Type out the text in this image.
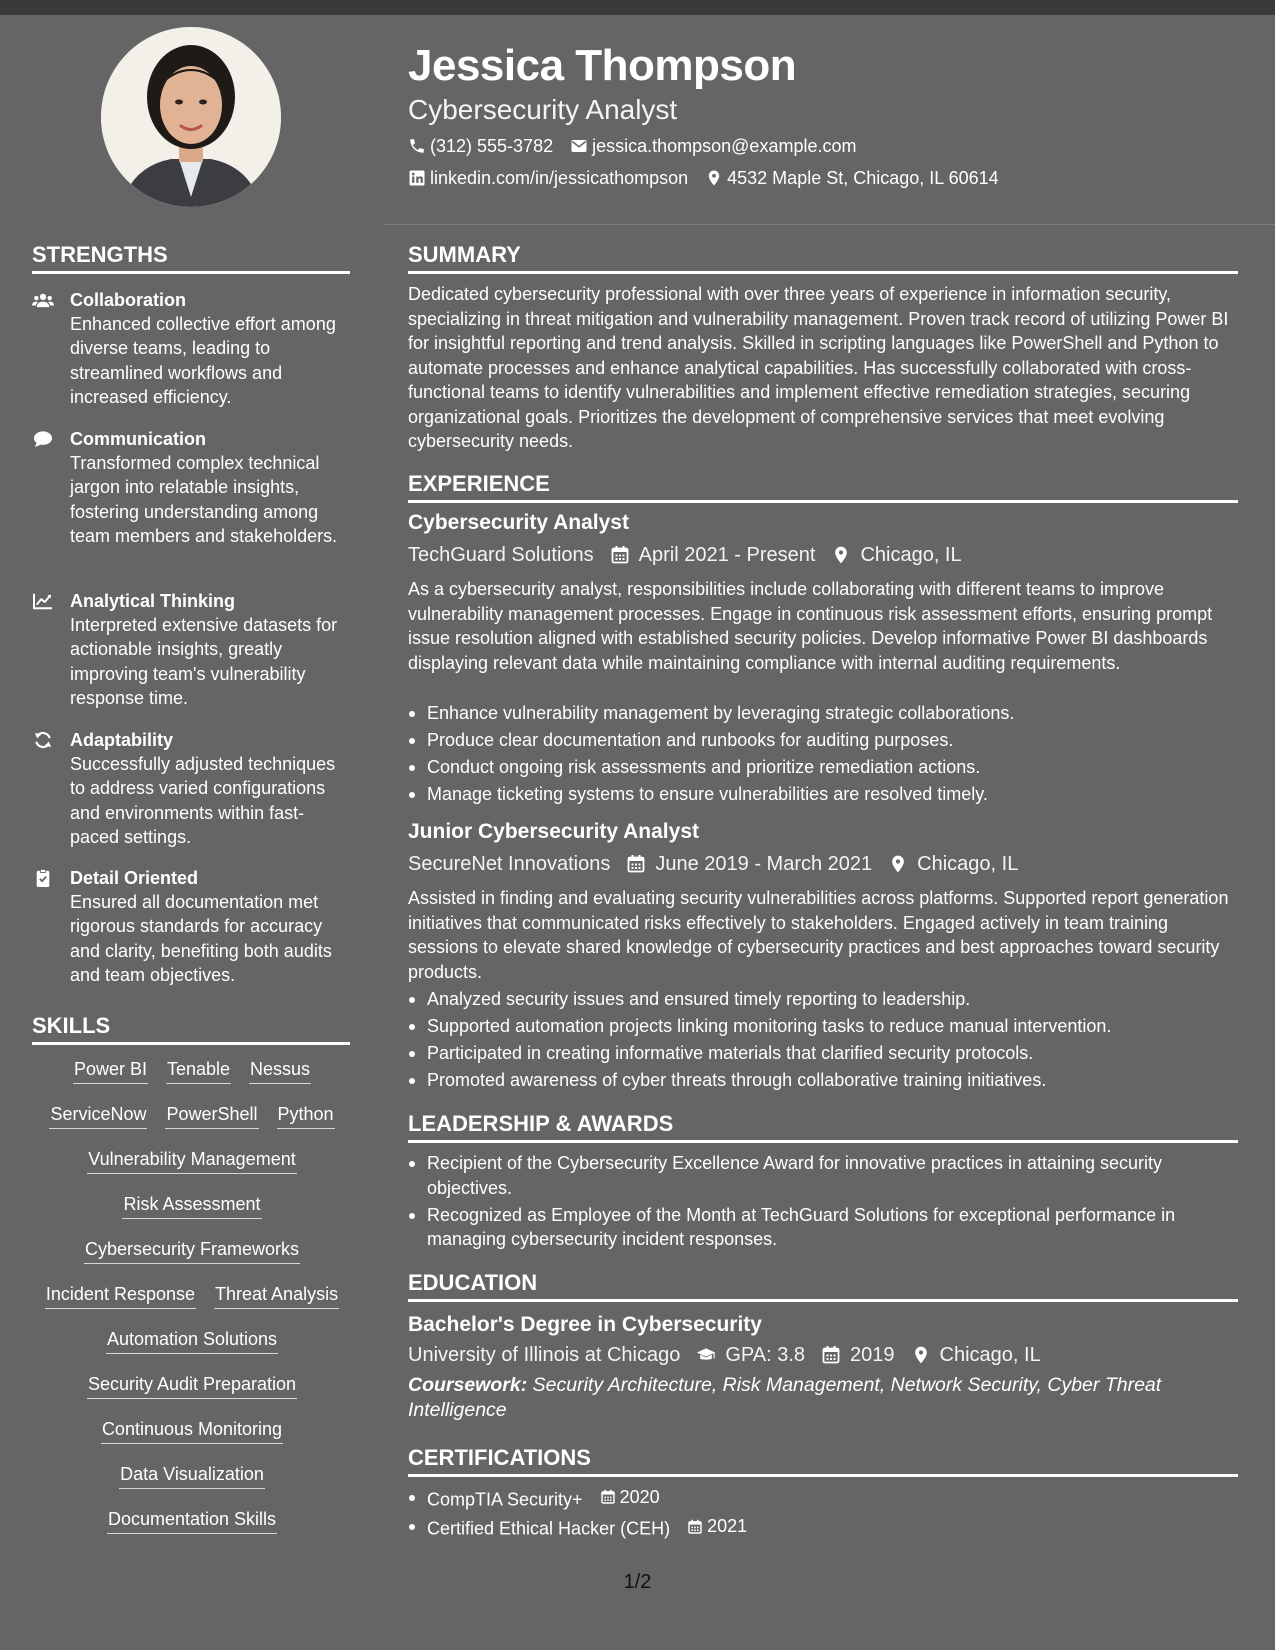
Jessica Thompson
Cybersecurity Analyst
(312) 555-3782 jessica.thompson@example.com
linkedin.com/in/jessicathompson 4532 Maple St, Chicago, IL 60614
STRENGTHS
Collaboration
Enhanced collective effort among diverse teams, leading to streamlined workflows and increased efficiency.
Communication
Transformed complex technical jargon into relatable insights, fostering understanding among team members and stakeholders.
Analytical Thinking
Interpreted extensive datasets for actionable insights, greatly improving team's vulnerability response time.
Adaptability
Successfully adjusted techniques to address varied configurations and environments within fast-paced settings.
Detail Oriented
Ensured all documentation met rigorous standards for accuracy and clarity, benefiting both audits and team objectives.
SKILLS
Power BI Tenable Nessus
ServiceNow PowerShell Python
Vulnerability Management
Risk Assessment
Cybersecurity Frameworks
Incident Response Threat Analysis
Automation Solutions
Security Audit Preparation
Continuous Monitoring
Data Visualization
Documentation Skills
SUMMARY
Dedicated cybersecurity professional with over three years of experience in information security, specializing in threat mitigation and vulnerability management. Proven track record of utilizing Power BI for insightful reporting and trend analysis. Skilled in scripting languages like PowerShell and Python to automate processes and enhance analytical capabilities. Has successfully collaborated with cross-functional teams to identify vulnerabilities and implement effective remediation strategies, securing organizational goals. Prioritizes the development of comprehensive services that meet evolving cybersecurity needs.
EXPERIENCE
Cybersecurity Analyst
TechGuard Solutions April 2021 - Present Chicago, IL
As a cybersecurity analyst, responsibilities include collaborating with different teams to improve vulnerability management processes. Engage in continuous risk assessment efforts, ensuring prompt issue resolution aligned with established security policies. Develop informative Power BI dashboards displaying relevant data while maintaining compliance with internal auditing requirements.
Enhance vulnerability management by leveraging strategic collaborations.
Produce clear documentation and runbooks for auditing purposes.
Conduct ongoing risk assessments and prioritize remediation actions.
Manage ticketing systems to ensure vulnerabilities are resolved timely.
Junior Cybersecurity Analyst
SecureNet Innovations June 2019 - March 2021 Chicago, IL
Assisted in finding and evaluating security vulnerabilities across platforms. Supported report generation initiatives that communicated risks effectively to stakeholders. Engaged actively in team training sessions to elevate shared knowledge of cybersecurity practices and best approaches toward security products.
Analyzed security issues and ensured timely reporting to leadership.
Supported automation projects linking monitoring tasks to reduce manual intervention.
Participated in creating informative materials that clarified security protocols.
Promoted awareness of cyber threats through collaborative training initiatives.
LEADERSHIP & AWARDS
Recipient of the Cybersecurity Excellence Award for innovative practices in attaining security objectives.
Recognized as Employee of the Month at TechGuard Solutions for exceptional performance in managing cybersecurity incident responses.
EDUCATION
Bachelor's Degree in Cybersecurity
University of Illinois at Chicago GPA: 3.8 2019 Chicago, IL
Coursework: Security Architecture, Risk Management, Network Security, Cyber Threat Intelligence
CERTIFICATIONS
CompTIA Security+ 2020
Certified Ethical Hacker (CEH) 2021
1/2
